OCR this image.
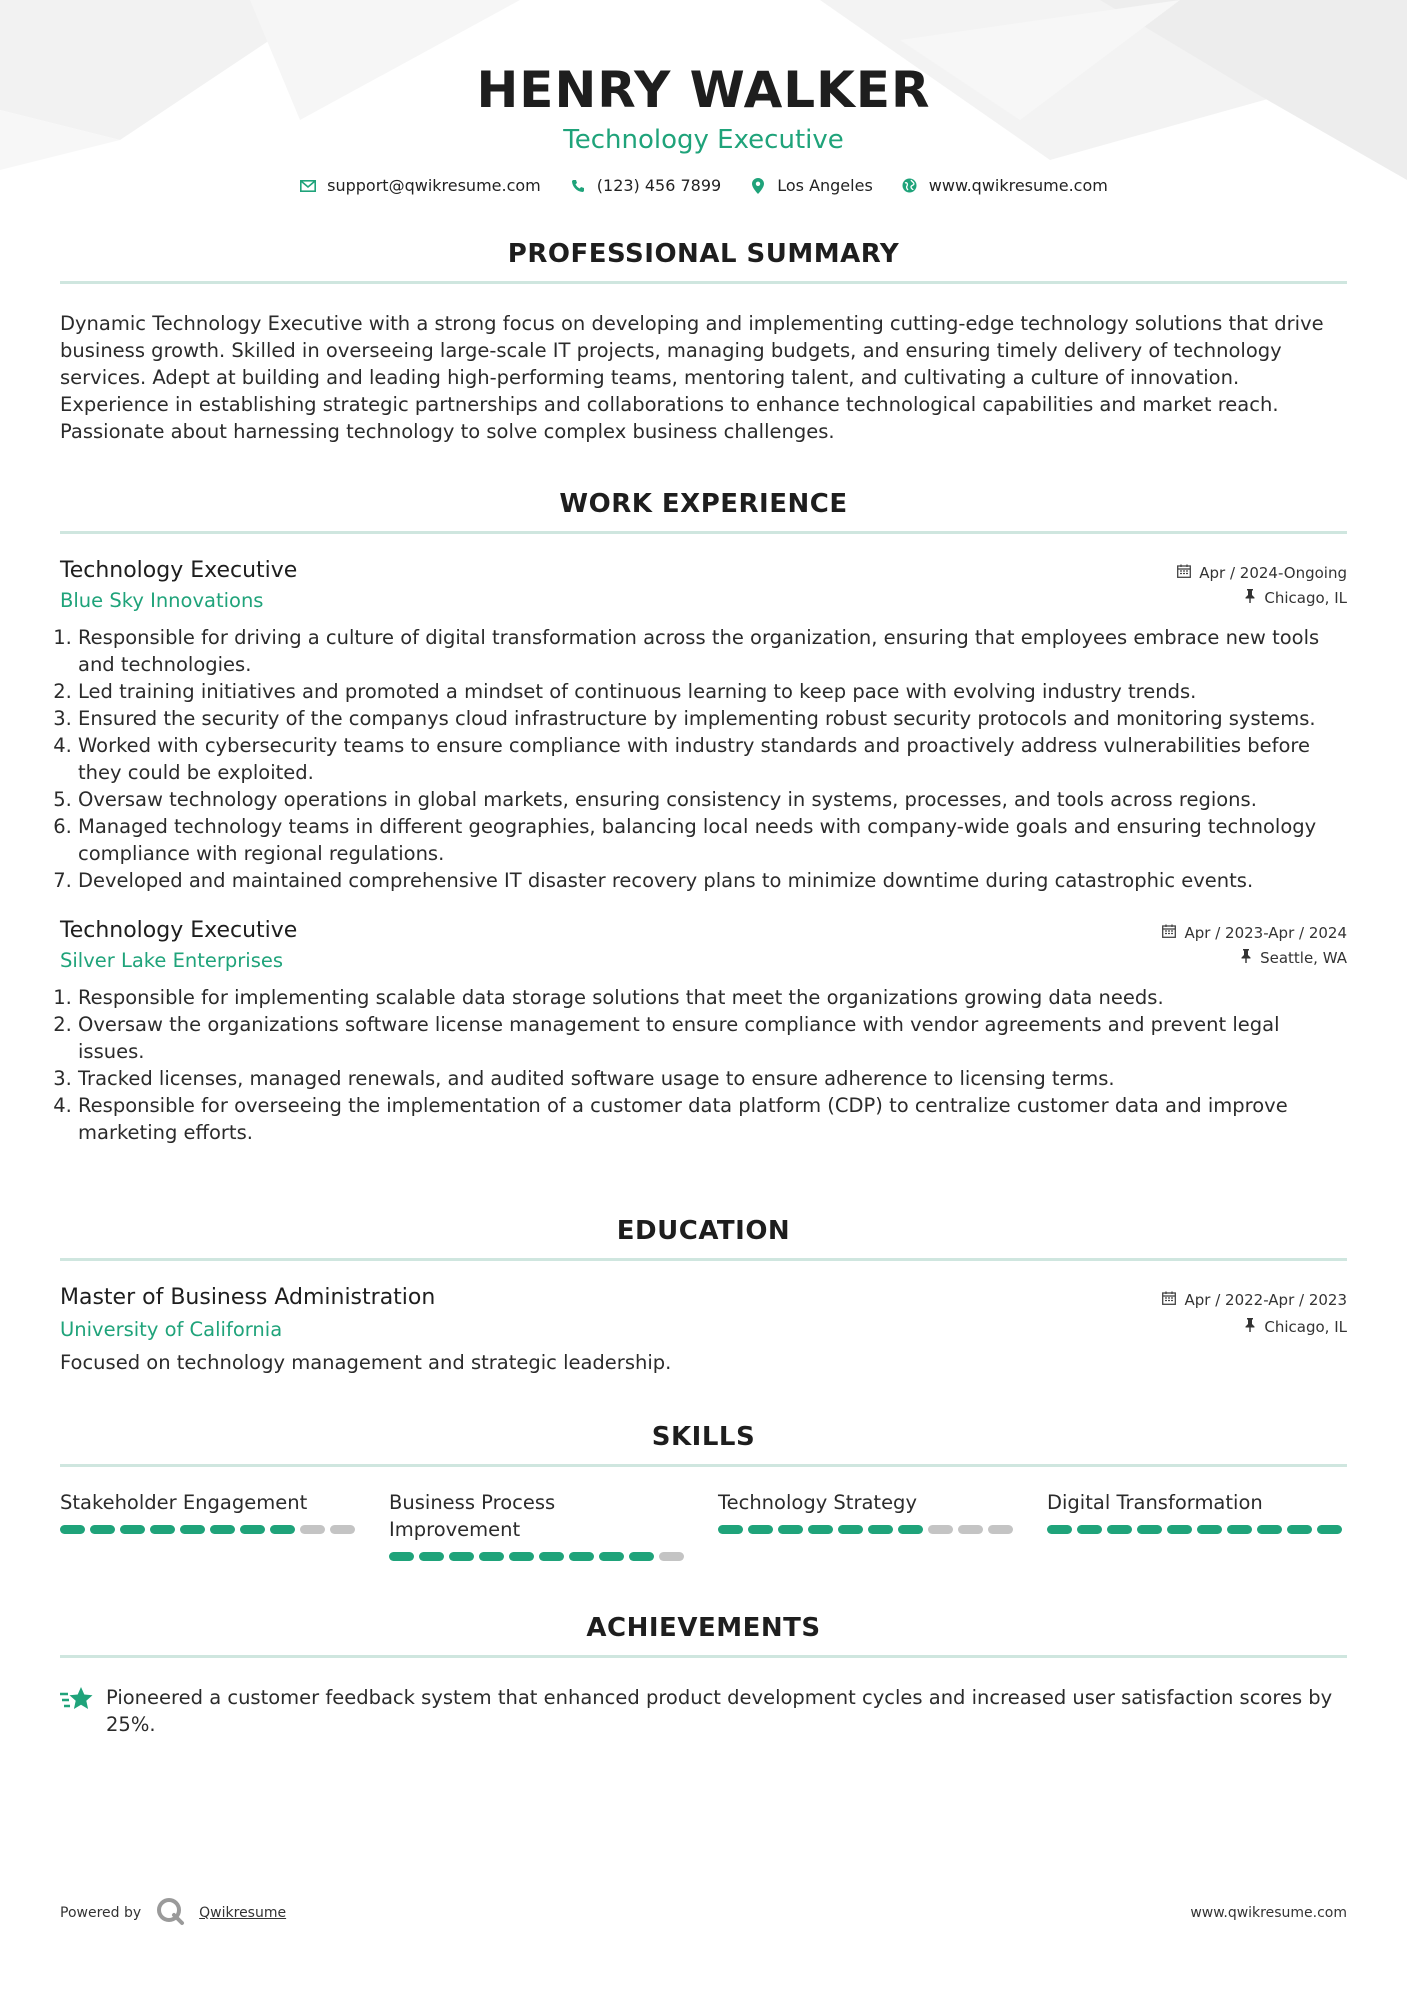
HENRY WALKER
Technology Executive
support@qwikresume.com	(123) 456 7899	Los Angeles	www.qwikresume.com
PROFESSIONAL SUMMARY
Dynamic Technology Executive with a strong focus on developing and implementing cutting-edge technology solutions that drive business growth. Skilled in overseeing large-scale IT projects, managing budgets, and ensuring timely delivery of technology services. Adept at building and leading high-performing teams, mentoring talent, and cultivating a culture of innovation. Experience in establishing strategic partnerships and collaborations to enhance technological capabilities and market reach. Passionate about harnessing technology to solve complex business challenges.
WORK EXPERIENCE
Technology Executive	Apr / 2024-Ongoing
Blue Sky Innovations	Chicago, IL
1. Responsible for driving a culture of digital transformation across the organization, ensuring that employees embrace new tools and technologies.
2. Led training initiatives and promoted a mindset of continuous learning to keep pace with evolving industry trends.
3. Ensured the security of the companys cloud infrastructure by implementing robust security protocols and monitoring systems.
4. Worked with cybersecurity teams to ensure compliance with industry standards and proactively address vulnerabilities before they could be exploited.
5. Oversaw technology operations in global markets, ensuring consistency in systems, processes, and tools across regions.
6. Managed technology teams in different geographies, balancing local needs with company-wide goals and ensuring technology compliance with regional regulations.
7. Developed and maintained comprehensive IT disaster recovery plans to minimize downtime during catastrophic events.
Technology Executive	Apr / 2023-Apr / 2024
Silver Lake Enterprises	Seattle, WA
1. Responsible for implementing scalable data storage solutions that meet the organizations growing data needs.
2. Oversaw the organizations software license management to ensure compliance with vendor agreements and prevent legal issues.
3. Tracked licenses, managed renewals, and audited software usage to ensure adherence to licensing terms.
4. Responsible for overseeing the implementation of a customer data platform (CDP) to centralize customer data and improve marketing efforts.
EDUCATION
Master of Business Administration	Apr / 2022-Apr / 2023
University of California	Chicago, IL
Focused on technology management and strategic leadership.
SKILLS
Stakeholder Engagement	Business Process Improvement
Technology Strategy	Digital Transformation
ACHIEVEMENTS
Pioneered a customer feedback system that enhanced product development cycles and increased user satisfaction scores by 25%.
Powered by	Qwikresume	www.qwikresume.com
